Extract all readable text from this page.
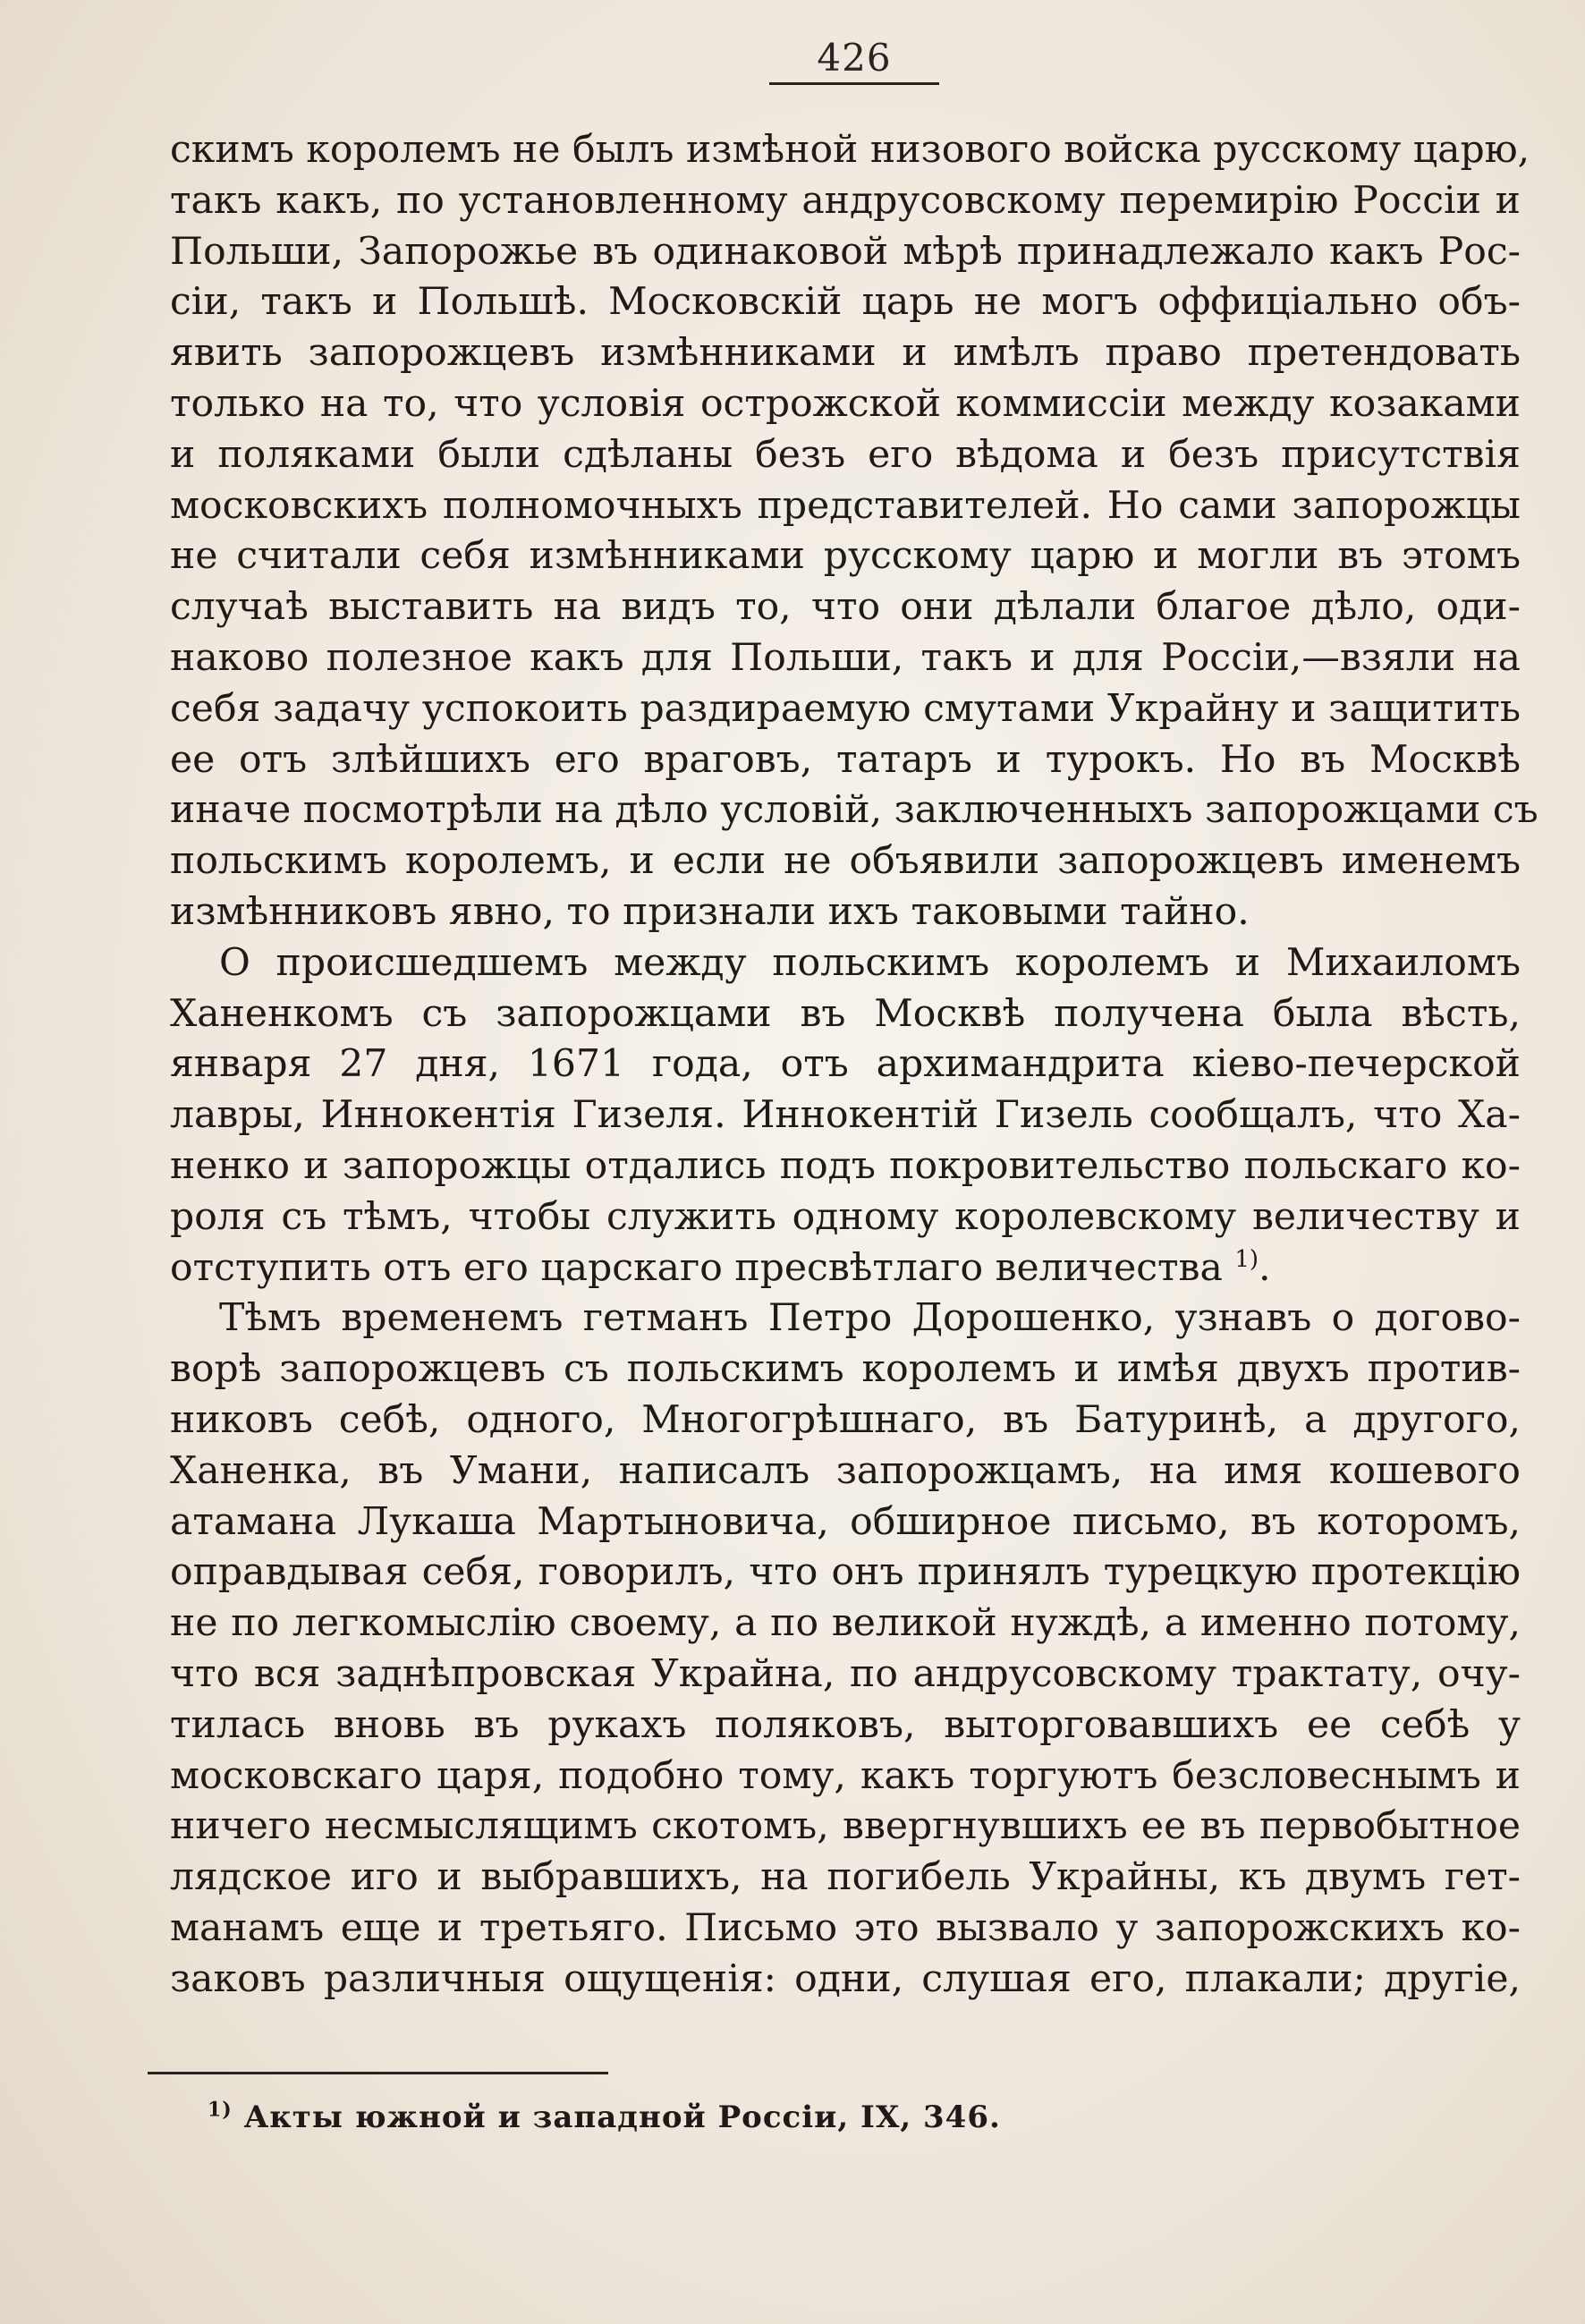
426

скимъ королемъ не былъ измѣной низового войска русскому царю,
такъ какъ, по установленному андрусовскому перемирію Россіи и
Польши, Запорожье въ одинаковой мѣрѣ принадлежало какъ Рос-
сіи, такъ и Польшѣ. Московскій царь не могъ оффиціально объ-
явить запорожцевъ измѣнниками и имѣлъ право претендовать
только на то, что условія острожской коммиссіи между козаками
и поляками были сдѣланы безъ его вѣдома и безъ присутствія
московскихъ полномочныхъ представителей. Но сами запорожцы
не считали себя измѣнниками русскому царю и могли въ этомъ
случаѣ выставить на видъ то, что они дѣлали благое дѣло, оди-
наково полезное какъ для Польши, такъ и для Россіи,—взяли на
себя задачу успокоить раздираемую смутами Украйну и защитить
ее отъ злѣйшихъ его враговъ, татаръ и турокъ. Но въ Москвѣ
иначе посмотрѣли на дѣло условій, заключенныхъ запорожцами съ
польскимъ королемъ, и если не объявили запорожцевъ именемъ
измѣнниковъ явно, то признали ихъ таковыми тайно.

О происшедшемъ между польскимъ королемъ и Михаиломъ
Ханенкомъ съ запорожцами въ Москвѣ получена была вѣсть,
января 27 дня, 1671 года, отъ архимандрита кіево-печерской
лавры, Иннокентія Гизеля. Иннокентій Гизель сообщалъ, что Ха-
ненко и запорожцы отдались подъ покровительство польскаго ко-
роля съ тѣмъ, чтобы служить одному королевскому величеству и
отступить отъ его царскаго пресвѣтлаго величества $^{1)}$.

Тѣмъ временемъ гетманъ Петро Дорошенко, узнавъ о догово-
ворѣ запорожцевъ съ польскимъ королемъ и имѣя двухъ против-
никовъ себѣ, одного, Многогрѣшнаго, въ Батуринѣ, а другого,
Ханенка, въ Умани, написалъ запорожцамъ, на имя кошевого
атамана Лукаша Мартыновича, обширное письмо, въ которомъ,
оправдывая себя, говорилъ, что онъ принялъ турецкую протекцію
не по легкомыслію своему, а по великой нуждѣ, а именно потому,
что вся заднѣпровская Украйна, по андрусовскому трактату, очу-
тилась вновь въ рукахъ поляковъ, выторговавшихъ ее себѣ у
московскаго царя, подобно тому, какъ торгуютъ безсловеснымъ и
ничего несмыслящимъ скотомъ, ввергнувшихъ ее въ первобытное
лядское иго и выбравшихъ, на погибель Украйны, къ двумъ гет-
манамъ еще и третьяго. Письмо это вызвало у запорожскихъ ко-
заковъ различныя ощущенія: одни, слушая его, плакали; другіе,

$^{1)}$ Акты южной и западной Россіи, IX, 346.
